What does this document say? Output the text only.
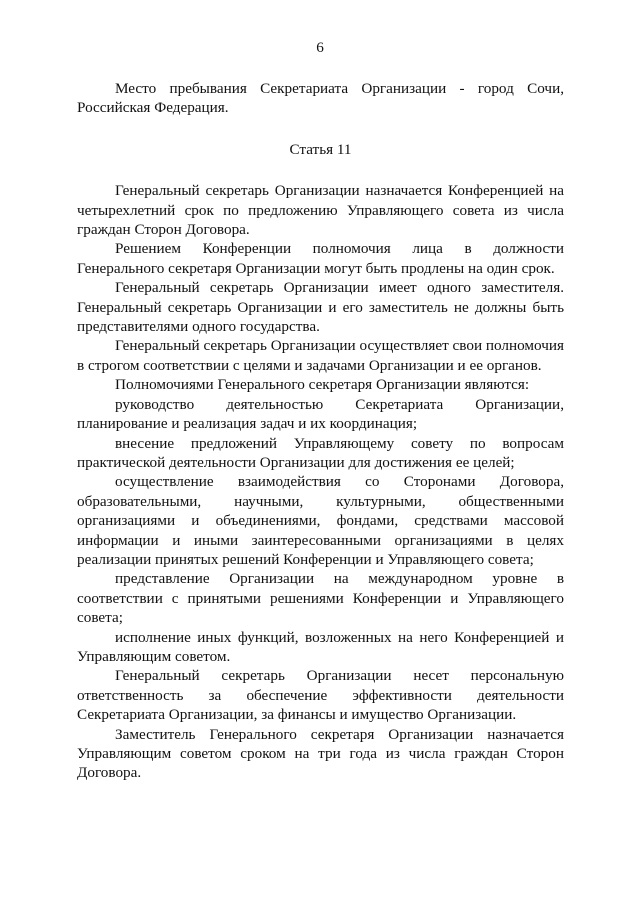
6

Место пребывания Секретариата Организации - город Сочи, Российская Федерация.

Статья 11

Генеральный секретарь Организации назначается Конференцией на четырехлетний срок по предложению Управляющего совета из числа граждан Сторон Договора.

Решением Конференции полномочия лица в должности Генерального секретаря Организации могут быть продлены на один срок.

Генеральный секретарь Организации имеет одного заместителя. Генеральный секретарь Организации и его заместитель не должны быть представителями одного государства.

Генеральный секретарь Организации осуществляет свои полномочия в строгом соответствии с целями и задачами Организации и ее органов.

Полномочиями Генерального секретаря Организации являются:

руководство деятельностью Секретариата Организации, планирование и реализация задач и их координация;

внесение предложений Управляющему совету по вопросам практической деятельности Организации для достижения ее целей;

осуществление взаимодействия со Сторонами Договора, образовательными, научными, культурными, общественными организациями и объединениями, фондами, средствами массовой информации и иными заинтересованными организациями в целях реализации принятых решений Конференции и Управляющего совета;

представление Организации на международном уровне в соответствии с принятыми решениями Конференции и Управляющего совета;

исполнение иных функций, возложенных на него Конференцией и Управляющим советом.

Генеральный секретарь Организации несет персональную ответственность за обеспечение эффективности деятельности Секретариата Организации, за финансы и имущество Организации.

Заместитель Генерального секретаря Организации назначается Управляющим советом сроком на три года из числа граждан Сторон Договора.
